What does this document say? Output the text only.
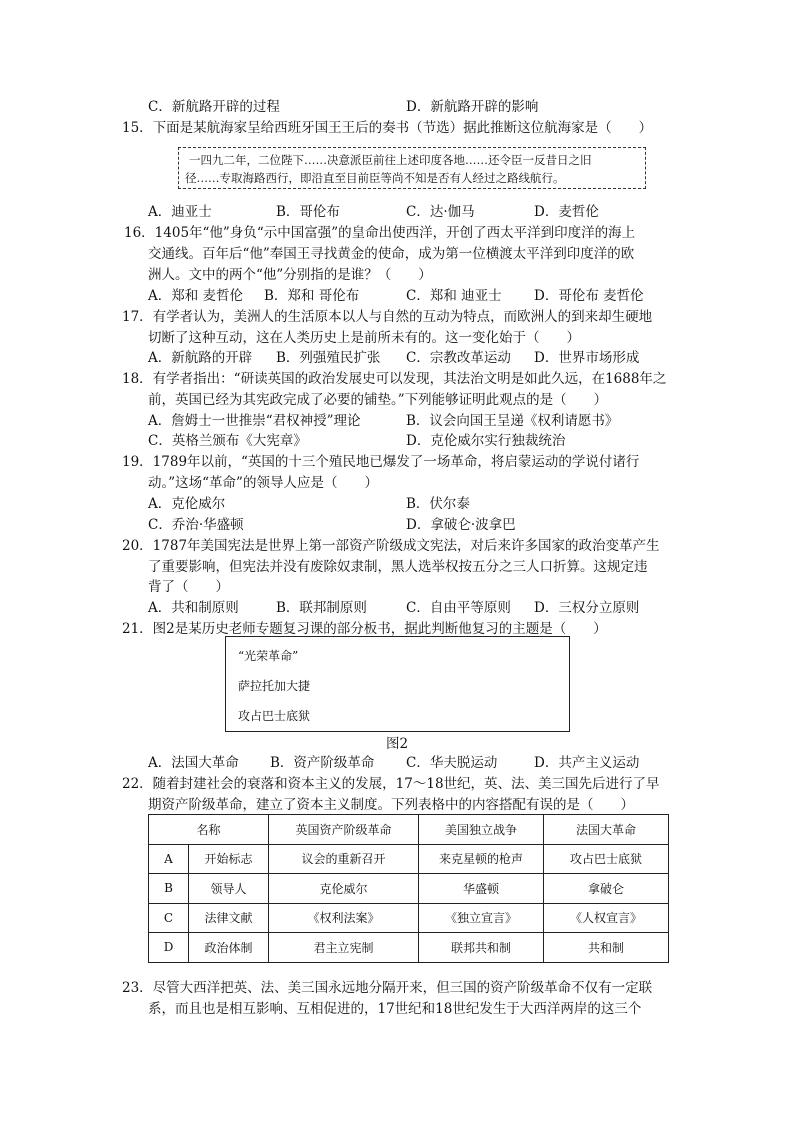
C．新航路开辟的过程	D．新航路开辟的影响
15．下面是某航海家呈给西班牙国王王后的奏书（节选）据此推断这位航海家是（　　）
一四九二年，二位陛下……决意派臣前往上述印度各地……还令臣一反昔日之旧
径……专取海路西行，即沿直至目前臣等尚不知是否有人经过之路线航行。
A．迪亚士	B．哥伦布	C．达·伽马	D．麦哲伦
16．1405年“他”身负“示中国富强”的皇命出使西洋，开创了西太平洋到印度洋的海上
交通线。百年后“他”奉国王寻找黄金的使命，成为第一位横渡太平洋到印度洋的欧
洲人。文中的两个“他”分别指的是谁？（　　）
A．郑和 麦哲伦 B．郑和 哥伦布	C．郑和 迪亚士 D．哥伦布 麦哲伦
17．有学者认为，美洲人的生活原本以人与自然的互动为特点，而欧洲人的到来却生硬地
切断了这种互动，这在人类历史上是前所未有的。这一变化始于（　　）
A．新航路的开辟 B．列强殖民扩张 C．宗教改革运动 D．世界市场形成
18．有学者指出：“研读英国的政治发展史可以发现，其法治文明是如此久远，在1688年之
前，英国已经为其宪政完成了必要的铺垫。”下列能够证明此观点的是（　　）
A．詹姆士一世推崇“君权神授”理论	B．议会向国王呈递《权利请愿书》
C．英格兰颁布《大宪章》	D．克伦威尔实行独裁统治
19．1789年以前，“英国的十三个殖民地已爆发了一场革命，将启蒙运动的学说付诸行
动。”这场“革命”的领导人应是（　　）
A．克伦威尔	B．伏尔泰
C．乔治·华盛顿	D．拿破仑·波拿巴
20．1787年美国宪法是世界上第一部资产阶级成文宪法，对后来许多国家的政治变革产生
了重要影响，但宪法并没有废除奴隶制，黑人选举权按五分之三人口折算。这规定违
背了（　　）
A．共和制原则	B．联邦制原则	C．自由平等原则 D．三权分立原则
21．图2是某历史老师专题复习课的部分板书，据此判断他复习的主题是（　　）
“光荣革命”
萨拉托加大捷
攻占巴士底狱
图2
A．法国大革命 B．资产阶级革命 C．华夫脱运动	D．共产主义运动
22．随着封建社会的衰落和资本主义的发展，17～18世纪，英、法、美三国先后进行了早
期资产阶级革命，建立了资本主义制度。下列表格中的内容搭配有误的是（　　）
名称		英国资产阶级革命	美国独立战争	法国大革命
A	开始标志	议会的重新召开	来克星顿的枪声	攻占巴士底狱
B	领导人	克伦威尔	华盛顿	拿破仑
C	法律文献	《权利法案》	《独立宣言》	《人权宣言》
D	政治体制	君主立宪制	联邦共和制	共和制
23．尽管大西洋把英、法、美三国永远地分隔开来，但三国的资产阶级革命不仅有一定联
系，而且也是相互影响、互相促进的，17世纪和18世纪发生于大西洋两岸的这三个
